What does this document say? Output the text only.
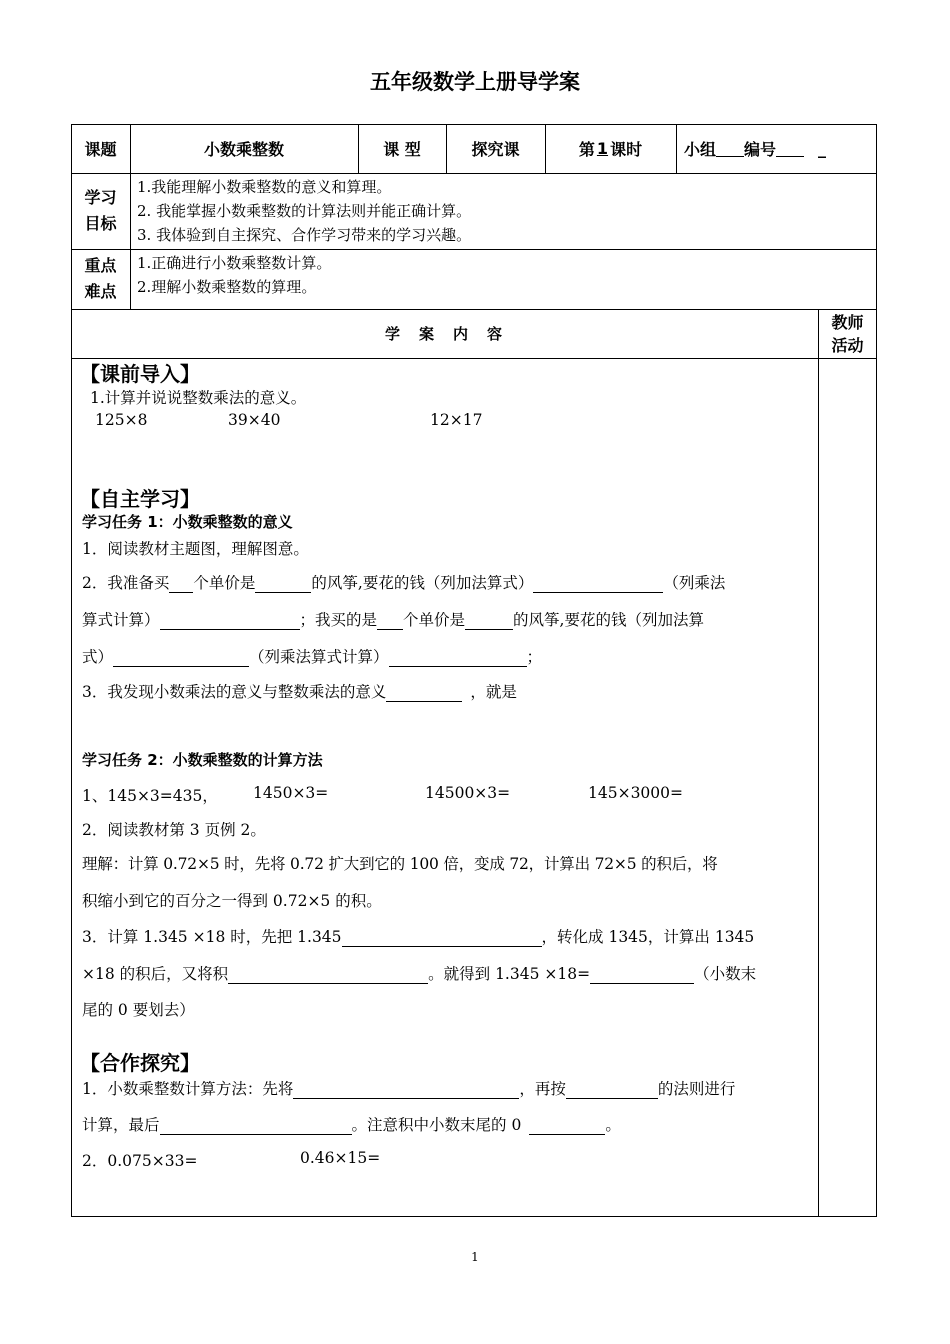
五年级数学上册导学案
课题	小数乘整数	课 型	探究课	第 1 课时	小组 编号	_
学习
目标
1.我能理解小数乘整数的意义和算理。
2. 我能掌握小数乘整数的计算法则并能正确计算。
3. 我体验到自主探究、合作学习带来的学习兴趣。
重点
难点
1.正确进行小数乘整数计算。
2.理解小数乘整数的算理。
学　案　内　容
教师
活动
【课前导入】
1.计算并说说整数乘法的意义。
125×8	39×40	12×17
【自主学习】
学习任务 1：小数乘整数的意义
1．阅读教材主题图，理解图意。
2．我准备买 个单价是	的风筝,要花的钱（列加法算式）	（列乘法
算式计算）	；我买的是 个单价是	的风筝,要花的钱（列加法算
式）	（列乘法算式计算）	；
3．我发现小数乘法的意义与整数乘法的意义	，就是
学习任务 2：小数乘整数的计算方法
1、145×3=435， 1450×3=	14500×3=	145×3000=
2．阅读教材第 3 页例 2。
理解：计算 0.72×5 时，先将 0.72 扩大到它的 100 倍，变成 72，计算出 72×5 的积后，将
积缩小到它的百分之一得到 0.72×5 的积。
3．计算 1.345 ×18 时，先把 1.345	，转化成 1345，计算出 1345
×18 的积后，又将积	。就得到 1.345 ×18=	（小数末
尾的 0 要划去）
【合作探究】
1．小数乘整数计算方法：先将	，再按	的法则进行
计算，最后	。注意积中小数末尾的 0	。
2．0.075×33=	0.46×15=
1
